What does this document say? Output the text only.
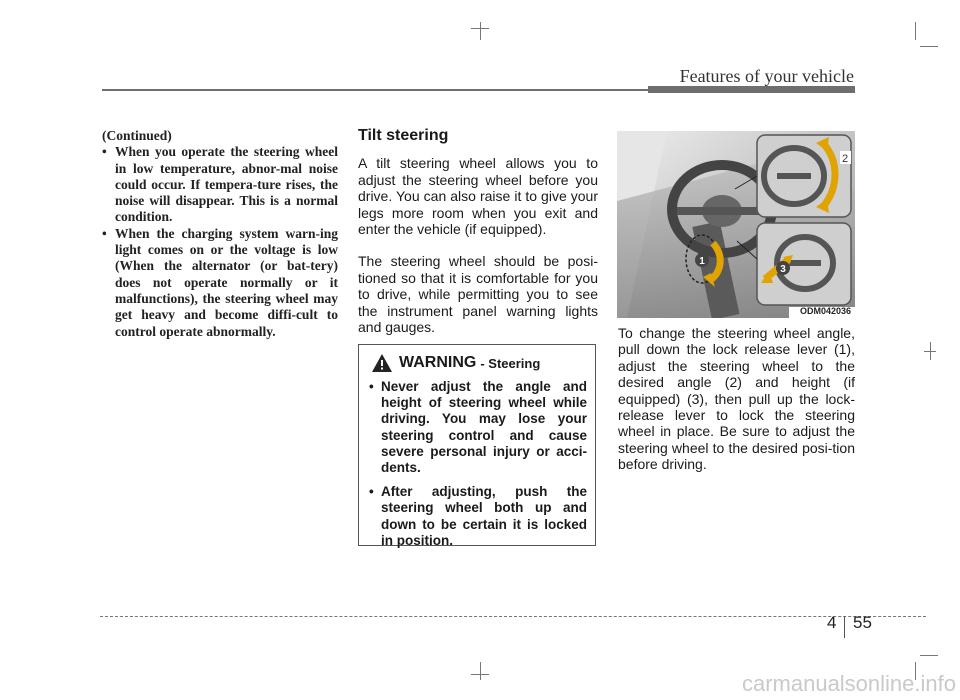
Features of your vehicle

(Continued)

• When you operate the steering wheel in low temperature, abnor-mal noise could occur. If tempera-ture rises, the noise will disappear. This is a normal condition.
• When the charging system warn-ing light comes on or the voltage is low (When the alternator (or bat-tery) does not operate normally or it malfunctions), the steering wheel may get heavy and become diffi-cult to control operate abnormally.
Tilt steering

A tilt steering wheel allows you to adjust the steering wheel before you drive. You can also raise it to give your legs more room when you exit and enter the vehicle (if equipped).

The steering wheel should be posi-tioned so that it is comfortable for you to drive, while permitting you to see the instrument panel warning lights and gauges.

WARNING - Steering
• Never adjust the angle and height of steering wheel while driving. You may lose your steering control and cause severe personal injury or acci-dents.
• After adjusting, push the steering wheel both up and down to be certain it is locked in position.
1
2
3
ODM042036

To change the steering wheel angle, pull down the lock release lever (1), adjust the steering wheel to the desired angle (2) and height (if equipped) (3), then pull up the lock-release lever to lock the steering wheel in place. Be sure to adjust the steering wheel to the desired posi-tion before driving.

4 55
carmanualsonline.info
